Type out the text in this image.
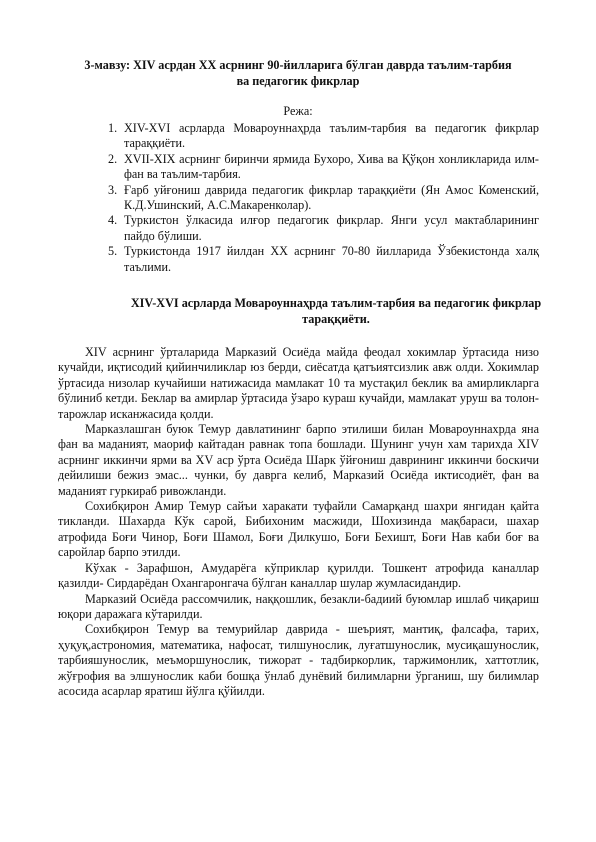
3-мавзу: XIV асрдан XX асрнинг 90-йилларига бўлган даврда таълим-тарбия ва педагогик фикрлар
Режа:
1. XIV-XVI асрларда Мовароуннаҳрда таълим-тарбия ва педагогик фикрлар тараққиёти.
2. XVII-XIX асрнинг биринчи ярмида Бухоро, Хива ва Қўқон хонликларида илм-фан ва таълим-тарбия.
3. Ғарб уйғониш даврида педагогик фикрлар тараққиёти (Ян Амос Коменский, К.Д.Ушинский, А.С.Макаренколар).
4. Туркистон ўлкасида илғор педагогик фикрлар. Янги усул мактабларининг пайдо бўлиши.
5. Туркистонда 1917 йилдан XX асрнинг 70-80 йилларида Ўзбекистонда халқ таълими.
XIV-XVI асрларда Мовароуннаҳрда таълим-тарбия ва педагогик фикрлар тараққиёти.

XIV асрнинг ўрталарида Марказий Осиёда майда феодал хокимлар ўртасида низо кучайди, иқтисодий қийинчиликлар юз берди, сиёсатда қатъиятсизлик авж олди. Хокимлар ўртасида низолар кучайиши натижасида мамлакат 10 та мустақил беклик ва амирликларга бўлиниб кетди. Беклар ва амирлар ўртасида ўзаро кураш кучайди, мамлакат уруш ва толон-тарожлар исканжасида қолди.

Марказлашган буюк Темур давлатининг барпо этилиши билан Мовароуннахрда яна фан ва маданият, маориф кайтадан равнак топа бошлади. Шунинг учун хам тарихда XIV асрнинг иккинчи ярми ва XV аср ўрта Осиёда Шарк ўйғониш даврининг иккинчи боскичи дейилиши бежиз эмас... чунки, бу даврга келиб, Марказий Осиёда иктисодиёт, фан ва маданият гуркираб ривожланди.

Сохибқирон Амир Темур сайъи харакати туфайли Самарқанд шахри янгидан қайта тикланди. Шахарда Кўк сарой, Бибихоним масжиди, Шохизинда мақбараси, шахар атрофида Боғи Чинор, Боғи Шамол, Боғи Дилкушо, Боғи Бехишт, Боғи Нав каби боғ ва саройлар барпо этилди.

Кўхак - Зарафшон, Амударёга кўприклар қурилди. Тошкент атрофида каналлар қазилди- Сирдарёдан Охангаронгача бўлган каналлар шулар жумласидандир.

Марказий Осиёда рассомчилик, наққошлик, безакли-бадиий буюмлар ишлаб чиқариш юқори даражага кўтарилди.

Сохибқирон Темур ва темурийлар даврида - шеърият, мантиқ, фалсафа, тарих, ҳуқуқ,астрономия, математика, нафосат, тилшунослик, луғатшунослик, мусиқашунослик, тарбияшунослик, меъморшунослик, тижорат - тадбиркорлик, таржимонлик, хаттотлик, жўғрофия ва элшунослик каби бошқа ўнлаб дунёвий билимларни ўрганиш, шу билимлар асосида асарлар яратиш йўлга қўйилди.
